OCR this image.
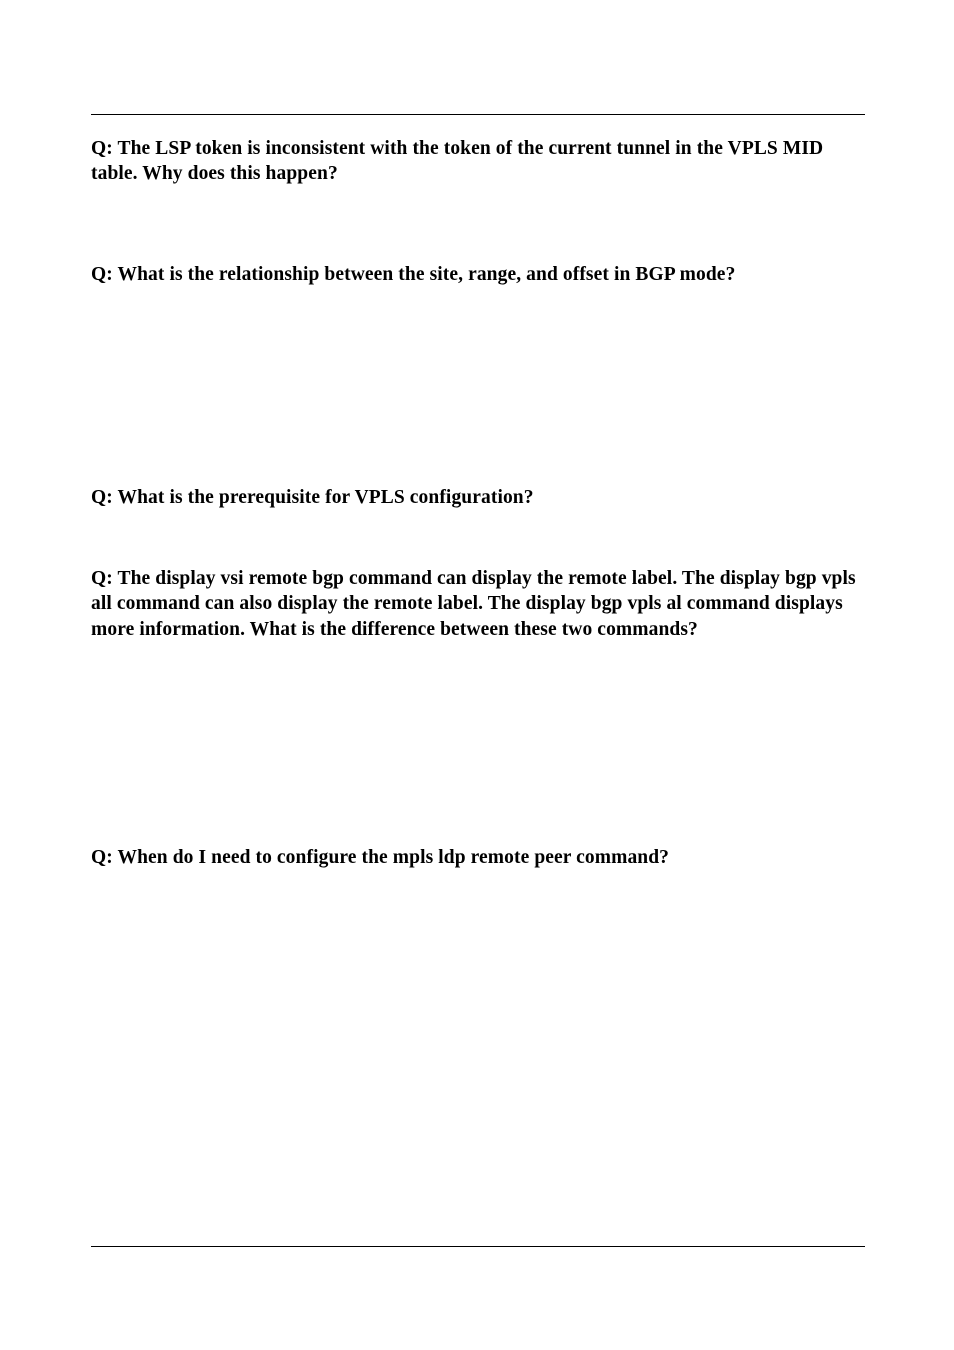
Q: The LSP token is inconsistent with the token of the current tunnel in the VPLS MID table. Why does this happen?

Q: What is the relationship between the site, range, and offset in BGP mode?

Q: What is the prerequisite for VPLS configuration?

Q: The display vsi remote bgp command can display the remote label. The display bgp vpls all command can also display the remote label. The display bgp vpls al command displays more information. What is the difference between these two commands?

Q: When do I need to configure the mpls ldp remote peer command?
